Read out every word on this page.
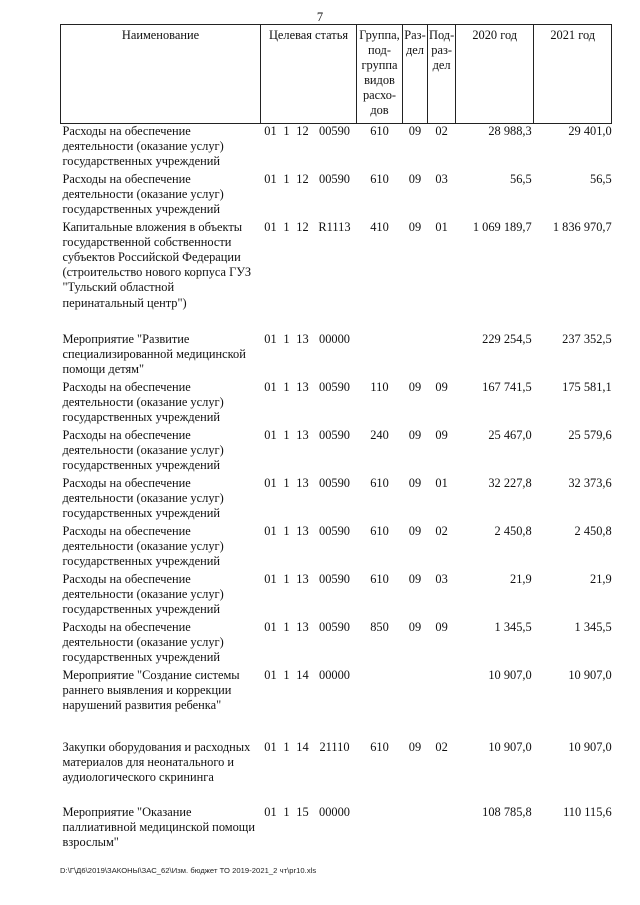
7
Наименование	Целевая статья				Группа, под-группа видов расхо-дов	Раз-дел	Под-раз-дел	2020 год	2021 год
Расходы на обеспечение деятельности (оказание услуг) государственных учреждений	01	1	12	00590	610	09	02	28 988,3	29 401,0
Расходы на обеспечение деятельности (оказание услуг) государственных учреждений	01	1	12	00590	610	09	03	56,5	56,5
Капитальные вложения в объекты государственной собственности субъектов Российской Федерации (строительство нового корпуса ГУЗ "Тульский областной перинатальный центр")	01	1	12	R1113	410	09	01	1 069 189,7	1 836 970,7
Мероприятие "Развитие специализированной медицинской помощи детям"	01	1	13	00000				229 254,5	237 352,5
Расходы на обеспечение деятельности (оказание услуг) государственных учреждений	01	1	13	00590	110	09	09	167 741,5	175 581,1
Расходы на обеспечение деятельности (оказание услуг) государственных учреждений	01	1	13	00590	240	09	09	25 467,0	25 579,6
Расходы на обеспечение деятельности (оказание услуг) государственных учреждений	01	1	13	00590	610	09	01	32 227,8	32 373,6
Расходы на обеспечение деятельности (оказание услуг) государственных учреждений	01	1	13	00590	610	09	02	2 450,8	2 450,8
Расходы на обеспечение деятельности (оказание услуг) государственных учреждений	01	1	13	00590	610	09	03	21,9	21,9
Расходы на обеспечение деятельности (оказание услуг) государственных учреждений	01	1	13	00590	850	09	09	1 345,5	1 345,5
Мероприятие "Создание системы раннего выявления и коррекции нарушений развития ребенка"	01	1	14	00000				10 907,0	10 907,0
Закупки оборудования и расходных материалов для неонатального и аудиологического скрининга	01	1	14	21110	610	09	02	10 907,0	10 907,0
Мероприятие "Оказание паллиативной медицинской помощи взрослым"	01	1	15	00000				108 785,8	110 115,6
D:\Г\Д6\2019\ЗАКОНЫ\ЗАС_62\Изм. бюджет ТО 2019-2021_2 чт\pr10.xls
